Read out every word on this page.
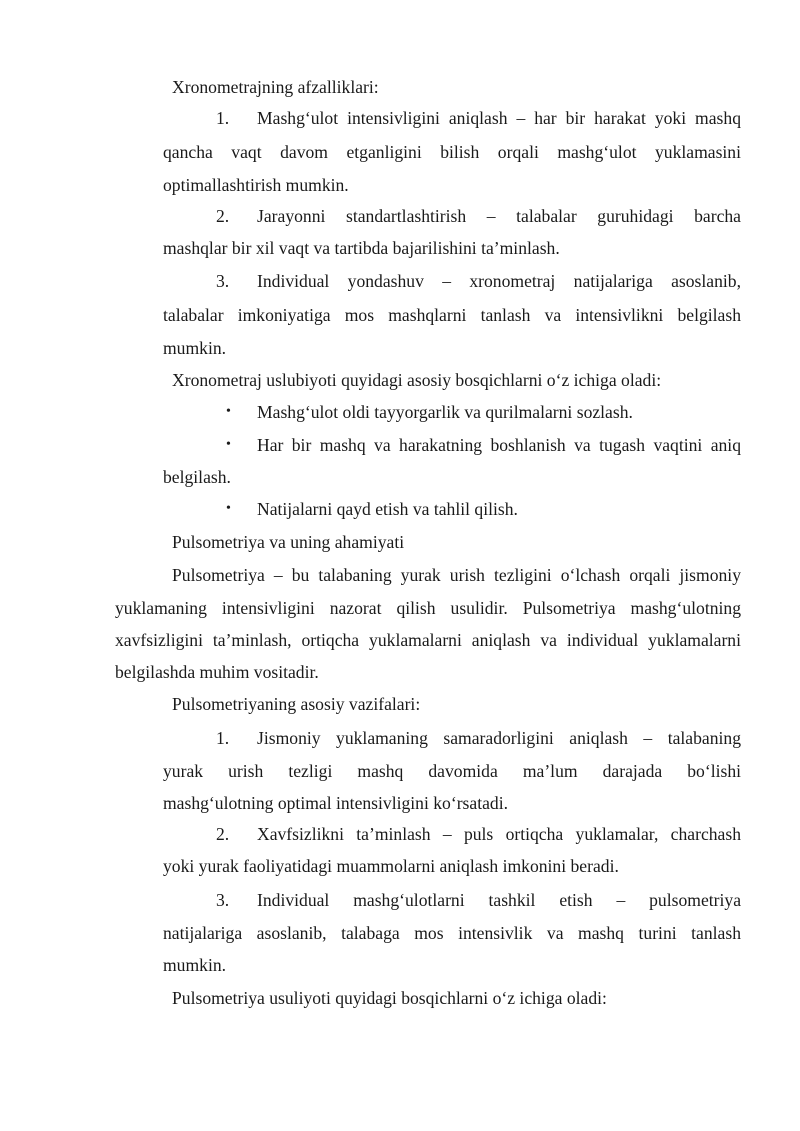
Xronometrajning afzalliklari:
1. Mashg‘ulot intensivligini aniqlash – har bir harakat yoki mashq
qancha vaqt davom etganligini bilish orqali mashg‘ulot yuklamasini
optimallashtirish mumkin.
2. Jarayonni standartlashtirish – talabalar guruhidagi barcha
mashqlar bir xil vaqt va tartibda bajarilishini ta’minlash.
3. Individual yondashuv – xronometraj natijalariga asoslanib,
talabalar imkoniyatiga mos mashqlarni tanlash va intensivlikni belgilash
mumkin.
Xronometraj uslubiyoti quyidagi asosiy bosqichlarni o‘z ichiga oladi:
• Mashg‘ulot oldi tayyorgarlik va qurilmalarni sozlash.
• Har bir mashq va harakatning boshlanish va tugash vaqtini aniq
belgilash.
• Natijalarni qayd etish va tahlil qilish.
Pulsometriya va uning ahamiyati
Pulsometriya – bu talabaning yurak urish tezligini o‘lchash orqali jismoniy
yuklamaning intensivligini nazorat qilish usulidir. Pulsometriya mashg‘ulotning
xavfsizligini ta’minlash, ortiqcha yuklamalarni aniqlash va individual yuklamalarni
belgilashda muhim vositadir.
Pulsometriyaning asosiy vazifalari:
1. Jismoniy yuklamaning samaradorligini aniqlash – talabaning
yurak urish tezligi mashq davomida ma’lum darajada bo‘lishi
mashg‘ulotning optimal intensivligini ko‘rsatadi.
2. Xavfsizlikni ta’minlash – puls ortiqcha yuklamalar, charchash
yoki yurak faoliyatidagi muammolarni aniqlash imkonini beradi.
3. Individual mashg‘ulotlarni tashkil etish – pulsometriya
natijalariga asoslanib, talabaga mos intensivlik va mashq turini tanlash
mumkin.
Pulsometriya usuliyoti quyidagi bosqichlarni o‘z ichiga oladi:
